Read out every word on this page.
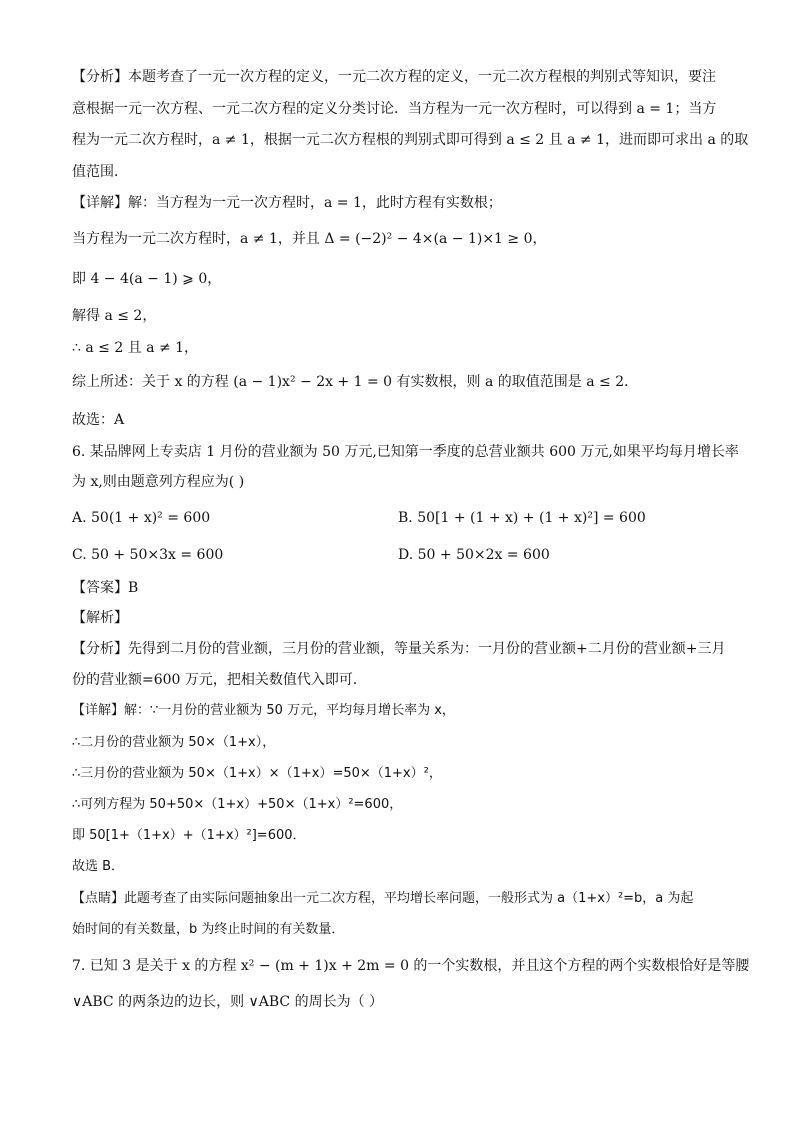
【分析】本题考查了一元一次方程的定义，一元二次方程的定义，一元二次方程根的判别式等知识，要注
意根据一元一次方程、一元二次方程的定义分类讨论．当方程为一元一次方程时，可以得到 a = 1；当方
程为一元二次方程时，a ≠ 1，根据一元二次方程根的判别式即可得到 a ≤ 2 且 a ≠ 1，进而即可求出 a 的取
值范围．
【详解】解：当方程为一元一次方程时，a = 1，此时方程有实数根；
当方程为一元二次方程时，a ≠ 1，并且 Δ = (−2)² − 4×(a − 1)×1 ≥ 0，
即 4 − 4(a − 1) ⩾ 0，
解得 a ≤ 2，
∴ a ≤ 2 且 a ≠ 1，
综上所述：关于 x 的方程 (a − 1)x² − 2x + 1 = 0 有实数根，则 a 的取值范围是 a ≤ 2．
故选：A
6. 某品牌网上专卖店 1 月份的营业额为 50 万元,已知第一季度的总营业额共 600 万元,如果平均每月增长率
为 x,则由题意列方程应为( )
A. 50(1 + x)² = 600	B. 50[1 + (1 + x) + (1 + x)²] = 600
C. 50 + 50×3x = 600	D. 50 + 50×2x = 600
【答案】B
【解析】
【分析】先得到二月份的营业额，三月份的营业额，等量关系为：一月份的营业额+二月份的营业额+三月
份的营业额=600 万元，把相关数值代入即可．
【详解】解：∵一月份的营业额为 50 万元，平均每月增长率为 x，
∴二月份的营业额为 50×（1+x），
∴三月份的营业额为 50×（1+x）×（1+x）=50×（1+x）²，
∴可列方程为 50+50×（1+x）+50×（1+x）²=600，
即 50[1+（1+x）+（1+x）²]=600．
故选 B．
【点睛】此题考查了由实际问题抽象出一元二次方程，平均增长率问题，一般形式为 a（1+x）²=b，a 为起
始时间的有关数量，b 为终止时间的有关数量．
7. 已知 3 是关于 x 的方程 x² − (m + 1)x + 2m = 0 的一个实数根，并且这个方程的两个实数根恰好是等腰
∨ABC 的两条边的边长，则 ∨ABC 的周长为（ ）
